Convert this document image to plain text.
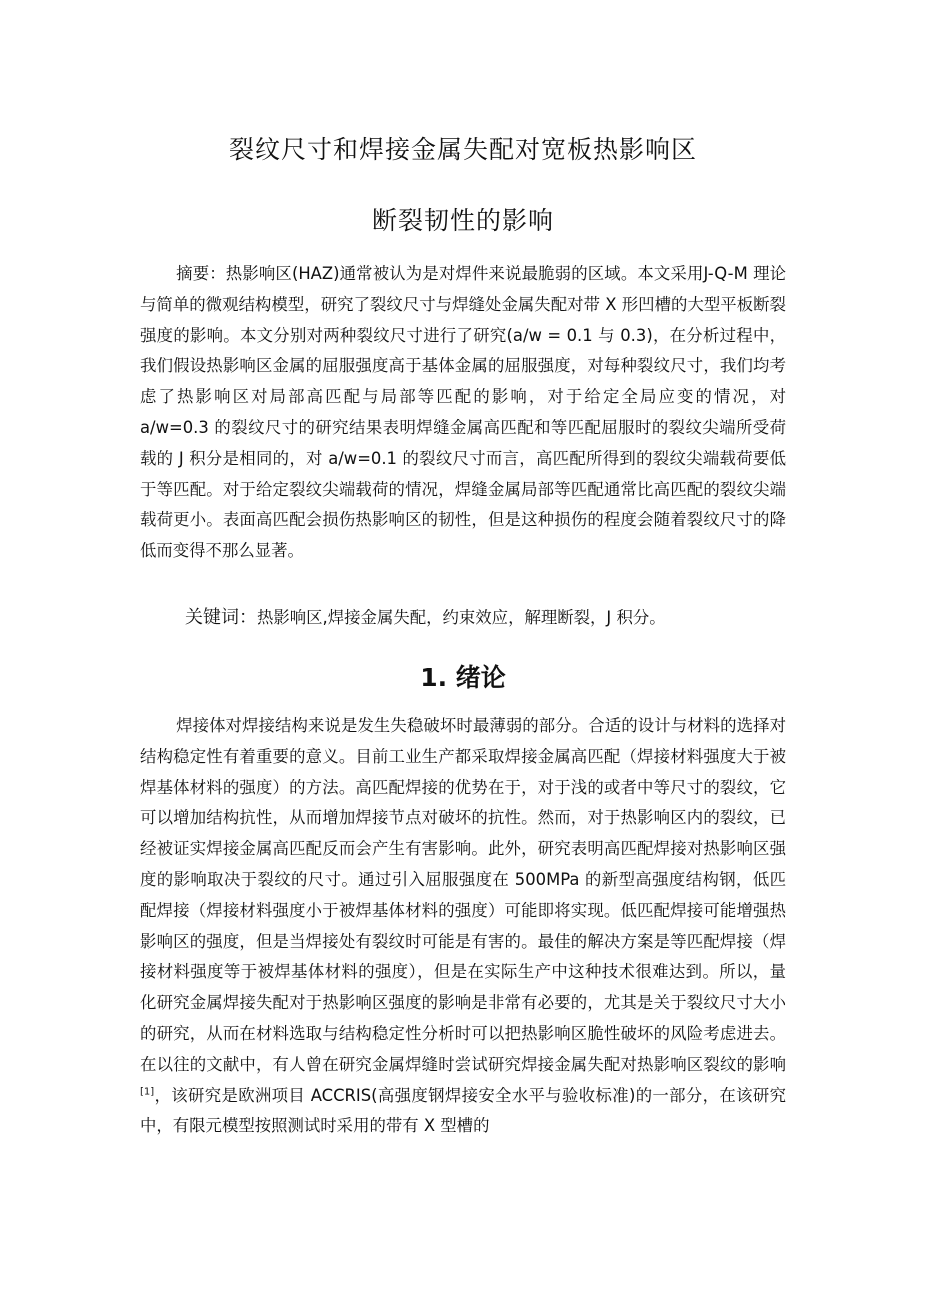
裂纹尺寸和焊接金属失配对宽板热影响区
断裂韧性的影响

摘要：热影响区(HAZ)通常被认为是对焊件来说最脆弱的区域。本文采用J-Q-M 理论与简单的微观结构模型，研究了裂纹尺寸与焊缝处金属失配对带 X 形凹槽的大型平板断裂强度的影响。本文分别对两种裂纹尺寸进行了研究(a/w = 0.1 与 0.3)，在分析过程中，我们假设热影响区金属的屈服强度高于基体金属的屈服强度，对每种裂纹尺寸，我们均考虑了热影响区对局部高匹配与局部等匹配的影响，对于给定全局应变的情况，对 a/w=0.3 的裂纹尺寸的研究结果表明焊缝金属高匹配和等匹配屈服时的裂纹尖端所受荷载的 J 积分是相同的，对 a/w=0.1 的裂纹尺寸而言，高匹配所得到的裂纹尖端载荷要低于等匹配。对于给定裂纹尖端载荷的情况，焊缝金属局部等匹配通常比高匹配的裂纹尖端载荷更小。表面高匹配会损伤热影响区的韧性，但是这种损伤的程度会随着裂纹尺寸的降低而变得不那么显著。

关键词：热影响区,焊接金属失配，约束效应，解理断裂，J 积分。

1. 绪论

焊接体对焊接结构来说是发生失稳破坏时最薄弱的部分。合适的设计与材料的选择对结构稳定性有着重要的意义。目前工业生产都采取焊接金属高匹配（焊接材料强度大于被焊基体材料的强度）的方法。高匹配焊接的优势在于，对于浅的或者中等尺寸的裂纹，它可以增加结构抗性，从而增加焊接节点对破坏的抗性。然而，对于热影响区内的裂纹，已经被证实焊接金属高匹配反而会产生有害影响。此外，研究表明高匹配焊接对热影响区强度的影响取决于裂纹的尺寸。通过引入屈服强度在 500MPa 的新型高强度结构钢，低匹配焊接（焊接材料强度小于被焊基体材料的强度）可能即将实现。低匹配焊接可能增强热影响区的强度，但是当焊接处有裂纹时可能是有害的。最佳的解决方案是等匹配焊接（焊接材料强度等于被焊基体材料的强度），但是在实际生产中这种技术很难达到。所以，量化研究金属焊接失配对于热影响区强度的影响是非常有必要的，尤其是关于裂纹尺寸大小的研究，从而在材料选取与结构稳定性分析时可以把热影响区脆性破坏的风险考虑进去。在以往的文献中，有人曾在研究金属焊缝时尝试研究焊接金属失配对热影响区裂纹的影响[1]，该研究是欧洲项目 ACCRIS(高强度钢焊接安全水平与验收标准)的一部分，在该研究中，有限元模型按照测试时采用的带有 X 型槽的
